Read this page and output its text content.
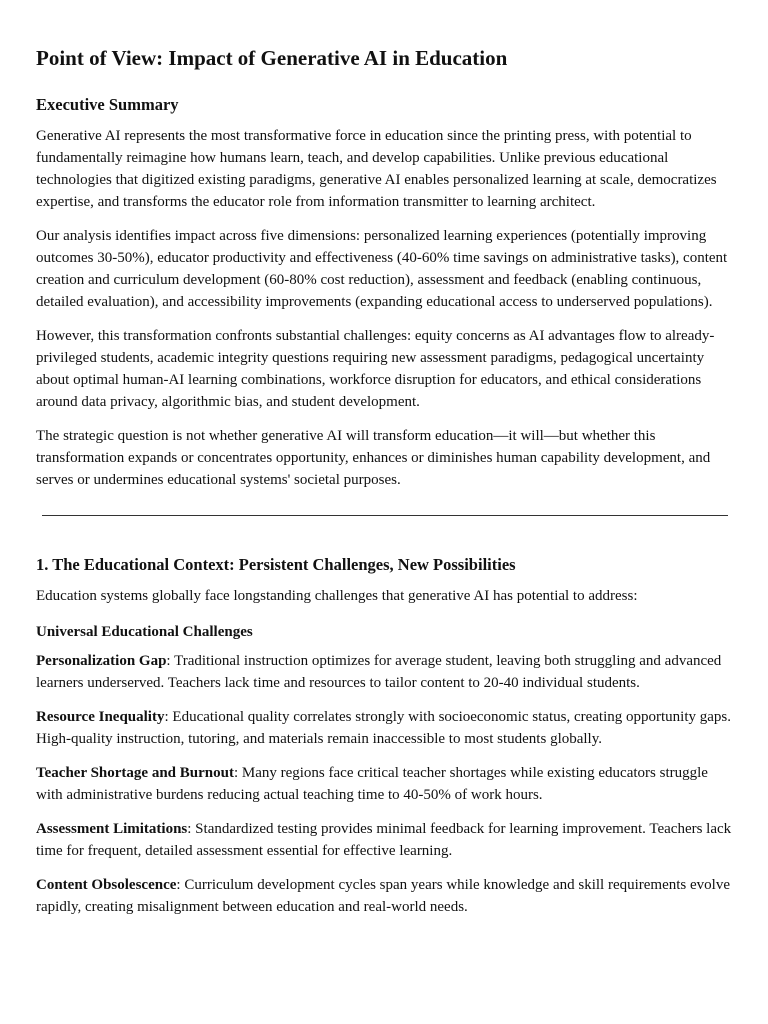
Point of View: Impact of Generative AI in Education
Executive Summary

Generative AI represents the most transformative force in education since the printing press, with potential to fundamentally reimagine how humans learn, teach, and develop capabilities. Unlike previous educational technologies that digitized existing paradigms, generative AI enables personalized learning at scale, democratizes expertise, and transforms the educator role from information transmitter to learning architect.

Our analysis identifies impact across five dimensions: personalized learning experiences (potentially improving outcomes 30-50%), educator productivity and effectiveness (40-60% time savings on administrative tasks), content creation and curriculum development (60-80% cost reduction), assessment and feedback (enabling continuous, detailed evaluation), and accessibility improvements (expanding educational access to underserved populations).

However, this transformation confronts substantial challenges: equity concerns as AI advantages flow to already-privileged students, academic integrity questions requiring new assessment paradigms, pedagogical uncertainty about optimal human-AI learning combinations, workforce disruption for educators, and ethical considerations around data privacy, algorithmic bias, and student development.

The strategic question is not whether generative AI will transform education—it will—but whether this transformation expands or concentrates opportunity, enhances or diminishes human capability development, and serves or undermines educational systems' societal purposes.

1. The Educational Context: Persistent Challenges, New Possibilities

Education systems globally face longstanding challenges that generative AI has potential to address:

Universal Educational Challenges

Personalization Gap: Traditional instruction optimizes for average student, leaving both struggling and advanced learners underserved. Teachers lack time and resources to tailor content to 20-40 individual students.

Resource Inequality: Educational quality correlates strongly with socioeconomic status, creating opportunity gaps. High-quality instruction, tutoring, and materials remain inaccessible to most students globally.

Teacher Shortage and Burnout: Many regions face critical teacher shortages while existing educators struggle with administrative burdens reducing actual teaching time to 40-50% of work hours.

Assessment Limitations: Standardized testing provides minimal feedback for learning improvement. Teachers lack time for frequent, detailed assessment essential for effective learning.

Content Obsolescence: Curriculum development cycles span years while knowledge and skill requirements evolve rapidly, creating misalignment between education and real-world needs.
